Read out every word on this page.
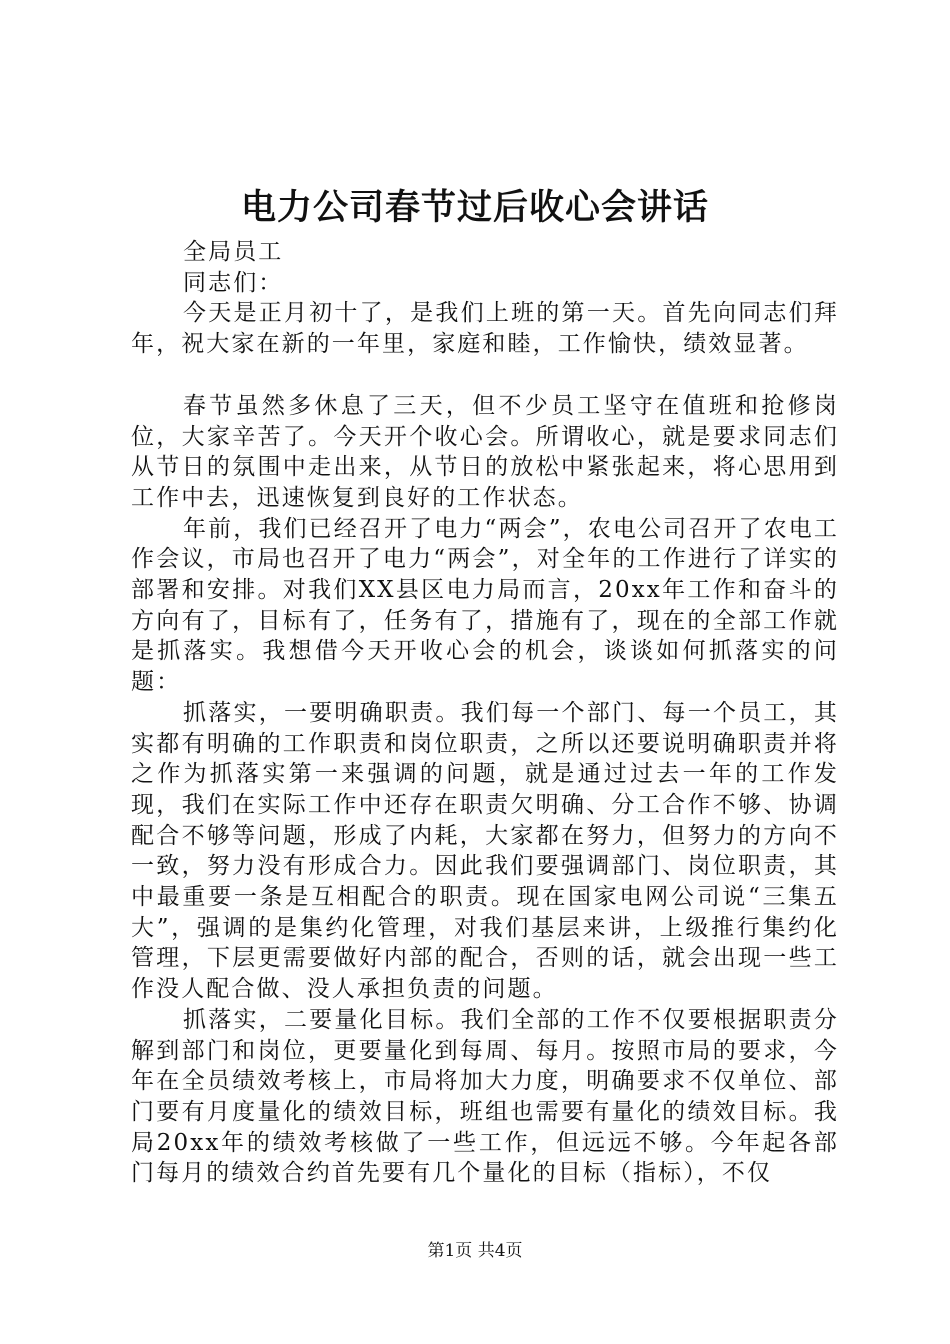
电力公司春节过后收心会讲话

全局员工

同志们：

今天是正月初十了，是我们上班的第一天。首先向同志们拜年，祝大家在新的一年里，家庭和睦，工作愉快，绩效显著。

春节虽然多休息了三天，但不少员工坚守在值班和抢修岗位，大家辛苦了。今天开个收心会。所谓收心，就是要求同志们从节日的氛围中走出来，从节日的放松中紧张起来，将心思用到工作中去，迅速恢复到良好的工作状态。

年前，我们已经召开了电力“两会”，农电公司召开了农电工作会议，市局也召开了电力“两会”，对全年的工作进行了详实的部署和安排。对我们XX县区电力局而言，20xx年工作和奋斗的方向有了，目标有了，任务有了，措施有了，现在的全部工作就是抓落实。我想借今天开收心会的机会，谈谈如何抓落实的问题：

抓落实，一要明确职责。我们每一个部门、每一个员工，其实都有明确的工作职责和岗位职责，之所以还要说明确职责并将之作为抓落实第一来强调的问题，就是通过过去一年的工作发现，我们在实际工作中还存在职责欠明确、分工合作不够、协调配合不够等问题，形成了内耗，大家都在努力，但努力的方向不一致，努力没有形成合力。因此我们要强调部门、岗位职责，其中最重要一条是互相配合的职责。现在国家电网公司说“三集五大”，强调的是集约化管理，对我们基层来讲，上级推行集约化管理，下层更需要做好内部的配合，否则的话，就会出现一些工作没人配合做、没人承担负责的问题。

抓落实，二要量化目标。我们全部的工作不仅要根据职责分解到部门和岗位，更要量化到每周、每月。按照市局的要求，今年在全员绩效考核上，市局将加大力度，明确要求不仅单位、部门要有月度量化的绩效目标，班组也需要有量化的绩效目标。我局20xx年的绩效考核做了一些工作，但远远不够。今年起各部门每月的绩效合约首先要有几个量化的目标（指标），不仅

第1页 共4页
